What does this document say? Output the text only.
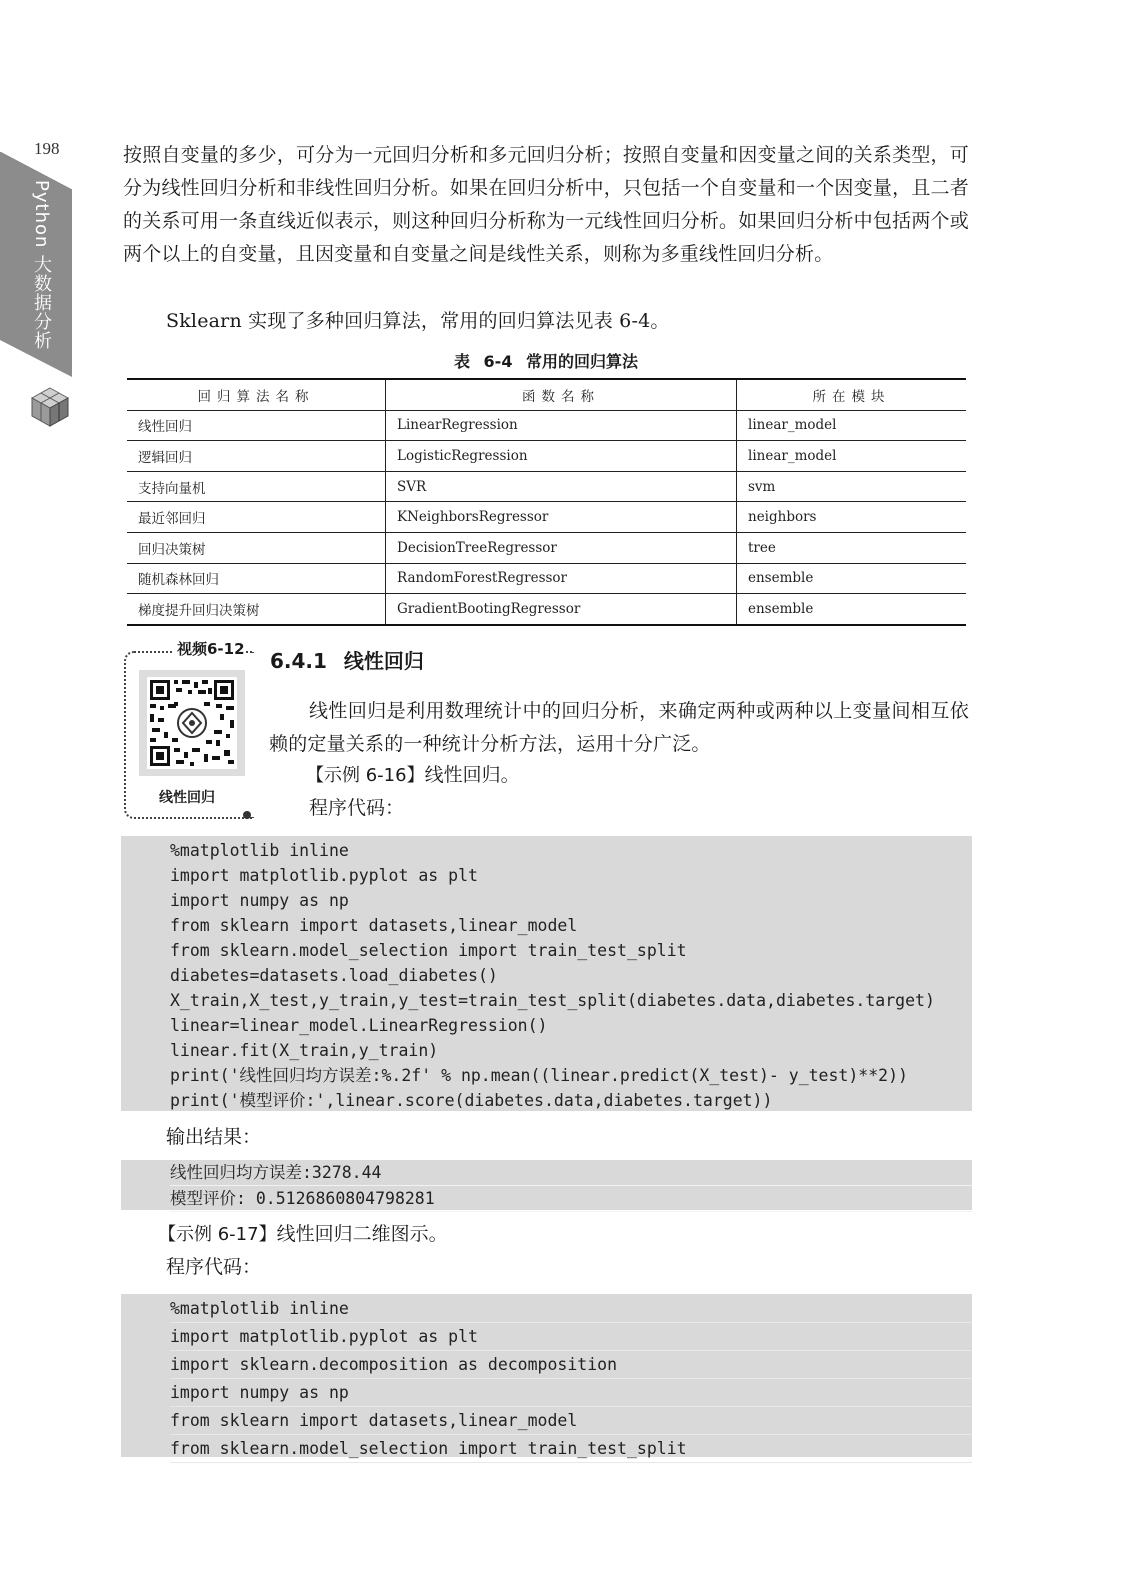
198
Python 大数据分析

按照自变量的多少，可分为一元回归分析和多元回归分析；按照自变量和因变量之间的关系类型，可分为线性回归分析和非线性回归分析。如果在回归分析中，只包括一个自变量和一个因变量，且二者的关系可用一条直线近似表示，则这种回归分析称为一元线性回归分析。如果回归分析中包括两个或两个以上的自变量，且因变量和自变量之间是线性关系，则称为多重线性回归分析。

Sklearn 实现了多种回归算法，常用的回归算法见表 6-4。

表 6-4 常用的回归算法
回归算法名称	函数名称	所在模块
线性回归	LinearRegression	linear_model
逻辑回归	LogisticRegression	linear_model
支持向量机	SVR	svm
最近邻回归	KNeighborsRegressor	neighbors
回归决策树	DecisionTreeRegressor	tree
随机森林回归	RandomForestRegressor	ensemble
梯度提升回归决策树	GradientBootingRegressor	ensemble
视频6-12
线性回归
6.4.1 线性回归

线性回归是利用数理统计中的回归分析，来确定两种或两种以上变量间相互依赖的定量关系的一种统计分析方法，运用十分广泛。

【示例 6-16】线性回归。
程序代码：
%matplotlib inline
import matplotlib.pyplot as plt
import numpy as np
from sklearn import datasets,linear_model
from sklearn.model_selection import train_test_split
diabetes=datasets.load_diabetes()
X_train,X_test,y_train,y_test=train_test_split(diabetes.data,diabetes.target)
linear=linear_model.LinearRegression()
linear.fit(X_train,y_train)
print('线性回归均方误差:%.2f' % np.mean((linear.predict(X_test)- y_test)**2))
print('模型评价:',linear.score(diabetes.data,diabetes.target))
输出结果：
线性回归均方误差:3278.44
模型评价: 0.5126860804798281
【示例 6-17】线性回归二维图示。
程序代码：
%matplotlib inline
import matplotlib.pyplot as plt
import sklearn.decomposition as decomposition
import numpy as np
from sklearn import datasets,linear_model
from sklearn.model_selection import train_test_split
